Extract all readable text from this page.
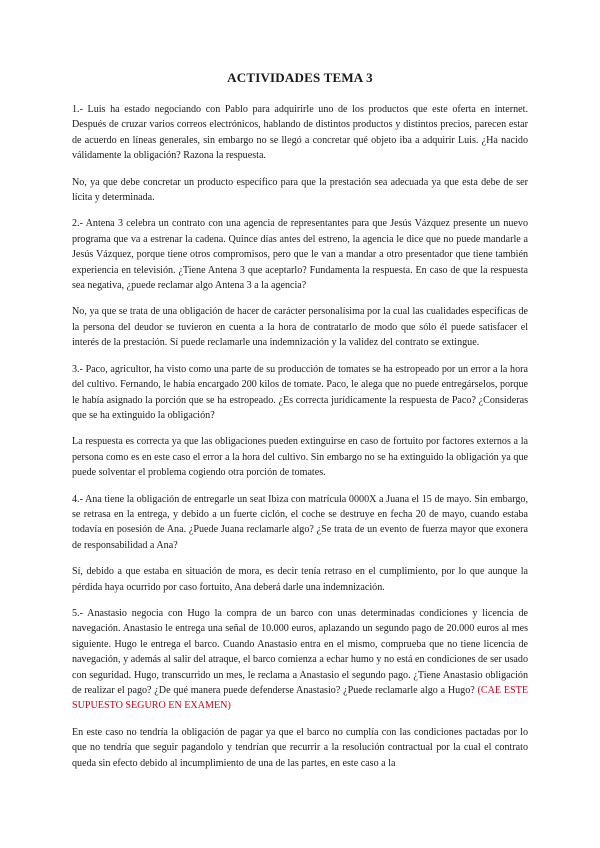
ACTIVIDADES TEMA 3

1.- Luis ha estado negociando con Pablo para adquirirle uno de los productos que este oferta en internet. Después de cruzar varios correos electrónicos, hablando de distintos productos y distintos precios, parecen estar de acuerdo en líneas generales, sin embargo no se llegó a concretar qué objeto iba a adquirir Luis. ¿Ha nacido válidamente la obligación? Razona la respuesta.

No, ya que debe concretar un producto específico para que la prestación sea adecuada ya que esta debe de ser lícita y determinada.

2.- Antena 3 celebra un contrato con una agencia de representantes para que Jesús Vázquez presente un nuevo programa que va a estrenar la cadena. Quince días antes del estreno, la agencia le dice que no puede mandarle a Jesús Vázquez, porque tiene otros compromisos, pero que le van a mandar a otro presentador que tiene también experiencia en televisión. ¿Tiene Antena 3 que aceptarlo? Fundamenta la respuesta. En caso de que la respuesta sea negativa, ¿puede reclamar algo Antena 3 a la agencia?

No, ya que se trata de una obligación de hacer de carácter personalísima por la cual las cualidades específicas de la persona del deudor se tuvieron en cuenta a la hora de contratarlo de modo que sólo él puede satisfacer el interés de la prestación. Sí puede reclamarle una indemnización y la validez del contrato se extingue.

3.- Paco, agricultor, ha visto como una parte de su producción de tomates se ha estropeado por un error a la hora del cultivo. Fernando, le había encargado 200 kilos de tomate. Paco, le alega que no puede entregárselos, porque le había asignado la porción que se ha estropeado. ¿Es correcta jurídicamente la respuesta de Paco? ¿Consideras que se ha extinguido la obligación?

La respuesta es correcta ya que las obligaciones pueden extinguirse en caso de fortuito por factores externos a la persona como es en este caso el error a la hora del cultivo. Sin embargo no se ha extinguido la obligación ya que puede solventar el problema cogiendo otra porción de tomates.

4.- Ana tiene la obligación de entregarle un seat Ibiza con matrícula 0000X a Juana el 15 de mayo. Sin embargo, se retrasa en la entrega, y debido a un fuerte ciclón, el coche se destruye en fecha 20 de mayo, cuando estaba todavía en posesión de Ana. ¿Puede Juana reclamarle algo? ¿Se trata de un evento de fuerza mayor que exonera de responsabilidad a Ana?

Sí, debido a que estaba en situación de mora, es decir tenía retraso en el cumplimiento, por lo que aunque la pérdida haya ocurrido por caso fortuito, Ana deberá darle una indemnización.

5.- Anastasio negocia con Hugo la compra de un barco con unas determinadas condiciones y licencia de navegación. Anastasio le entrega una señal de 10.000 euros, aplazando un segundo pago de 20.000 euros al mes siguiente. Hugo le entrega el barco. Cuando Anastasio entra en el mismo, comprueba que no tiene licencia de navegación, y además al salir del atraque, el barco comienza a echar humo y no está en condiciones de ser usado con seguridad. Hugo, transcurrido un mes, le reclama a Anastasio el segundo pago. ¿Tiene Anastasio obligación de realizar el pago? ¿De qué manera puede defenderse Anastasio? ¿Puede reclamarle algo a Hugo? (CAE ESTE SUPUESTO SEGURO EN EXAMEN)

En este caso no tendría la obligación de pagar ya que el barco no cumplía con las condiciones pactadas por lo que no tendría que seguir pagandolo y tendrían que recurrir a la resolución contractual por la cual el contrato queda sin efecto debido al incumplimiento de una de las partes, en este caso a la
